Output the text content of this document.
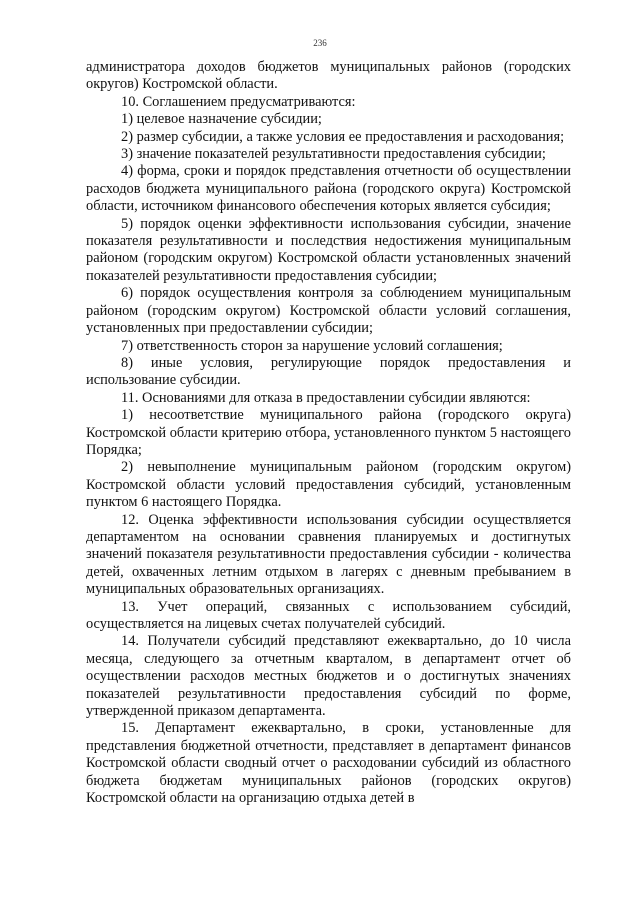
236

администратора доходов бюджетов муниципальных районов (городских округов) Костромской области.

10. Соглашением предусматриваются:

1) целевое назначение субсидии;

2) размер субсидии, а также условия ее предоставления и расходования;

3) значение показателей результативности предоставления субсидии;

4) форма, сроки и порядок представления отчетности об осуществлении расходов бюджета муниципального района (городского округа) Костромской области, источником финансового обеспечения которых является субсидия;

5) порядок оценки эффективности использования субсидии, значение показателя результативности и последствия недостижения муниципальным районом (городским округом) Костромской области установленных значений показателей результативности предоставления субсидии;

6) порядок осуществления контроля за соблюдением муниципальным районом (городским округом) Костромской области условий соглашения, установленных при предоставлении субсидии;

7) ответственность сторон за нарушение условий соглашения;

8) иные условия, регулирующие порядок предоставления и использование субсидии.

11. Основаниями для отказа в предоставлении субсидии являются:

1) несоответствие муниципального района (городского округа) Костромской области критерию отбора, установленного пунктом 5 настоящего Порядка;

2) невыполнение муниципальным районом (городским округом) Костромской области условий предоставления субсидий, установленным пунктом 6 настоящего Порядка.

12. Оценка эффективности использования субсидии осуществляется департаментом на основании сравнения планируемых и достигнутых значений показателя результативности предоставления субсидии - количества детей, охваченных летним отдыхом в лагерях с дневным пребыванием в муниципальных образовательных организациях.

13. Учет операций, связанных с использованием субсидий, осуществляется на лицевых счетах получателей субсидий.

14. Получатели субсидий представляют ежеквартально, до 10 числа месяца, следующего за отчетным кварталом, в департамент отчет об осуществлении расходов местных бюджетов и о достигнутых значениях показателей результативности предоставления субсидий по форме, утвержденной приказом департамента.

15. Департамент ежеквартально, в сроки, установленные для представления бюджетной отчетности, представляет в департамент финансов Костромской области сводный отчет о расходовании субсидий из областного бюджета бюджетам муниципальных районов (городских округов) Костромской области на организацию отдыха детей в
